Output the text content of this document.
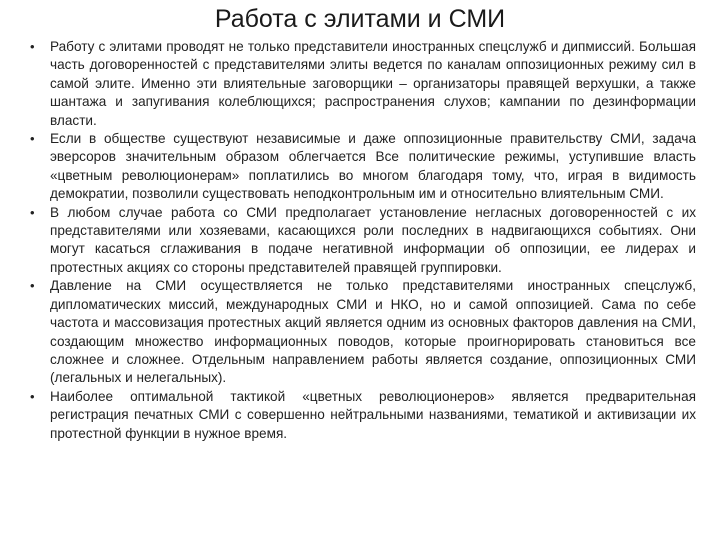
Работа с элитами и СМИ
•	Работу с элитами проводят не только представители иностранных спецслужб и дипмиссий. Большая часть договоренностей с представителями элиты ведется по каналам оппозиционных режиму сил в самой элите. Именно эти влиятельные заговорщики – организаторы правящей верхушки, а также шантажа и запугивания колеблющихся; распространения слухов; кампании по дезинформации власти.
•	Если в обществе существуют независимые и даже оппозиционные правительству СМИ, задача эверсоров значительным образом облегчается Все политические режимы, уступившие власть «цветным революционерам» поплатились во многом благодаря тому, что, играя в видимость демократии, позволили существовать неподконтрольным им и относительно влиятельным СМИ.
•	В любом случае работа со СМИ предполагает установление негласных договоренностей с их представителями или хозяевами, касающихся роли последних в надвигающихся событиях. Они могут касаться сглаживания в подаче негативной информации об оппозиции, ее лидерах и протестных акциях со стороны представителей правящей группировки.
•	Давление на СМИ осуществляется не только представителями иностранных спецслужб, дипломатических миссий, международных СМИ и НКО, но и самой оппозицией. Сама по себе частота и массовизация протестных акций является одним из основных факторов давления на СМИ, создающим множество информационных поводов, которые проигнорировать становиться все сложнее и сложнее. Отдельным направлением работы является создание, оппозиционных СМИ (легальных и нелегальных).
•	Наиболее оптимальной тактикой «цветных революционеров» является предварительная регистрация печатных СМИ с совершенно нейтральными названиями, тематикой и активизации их протестной функции в нужное время.
